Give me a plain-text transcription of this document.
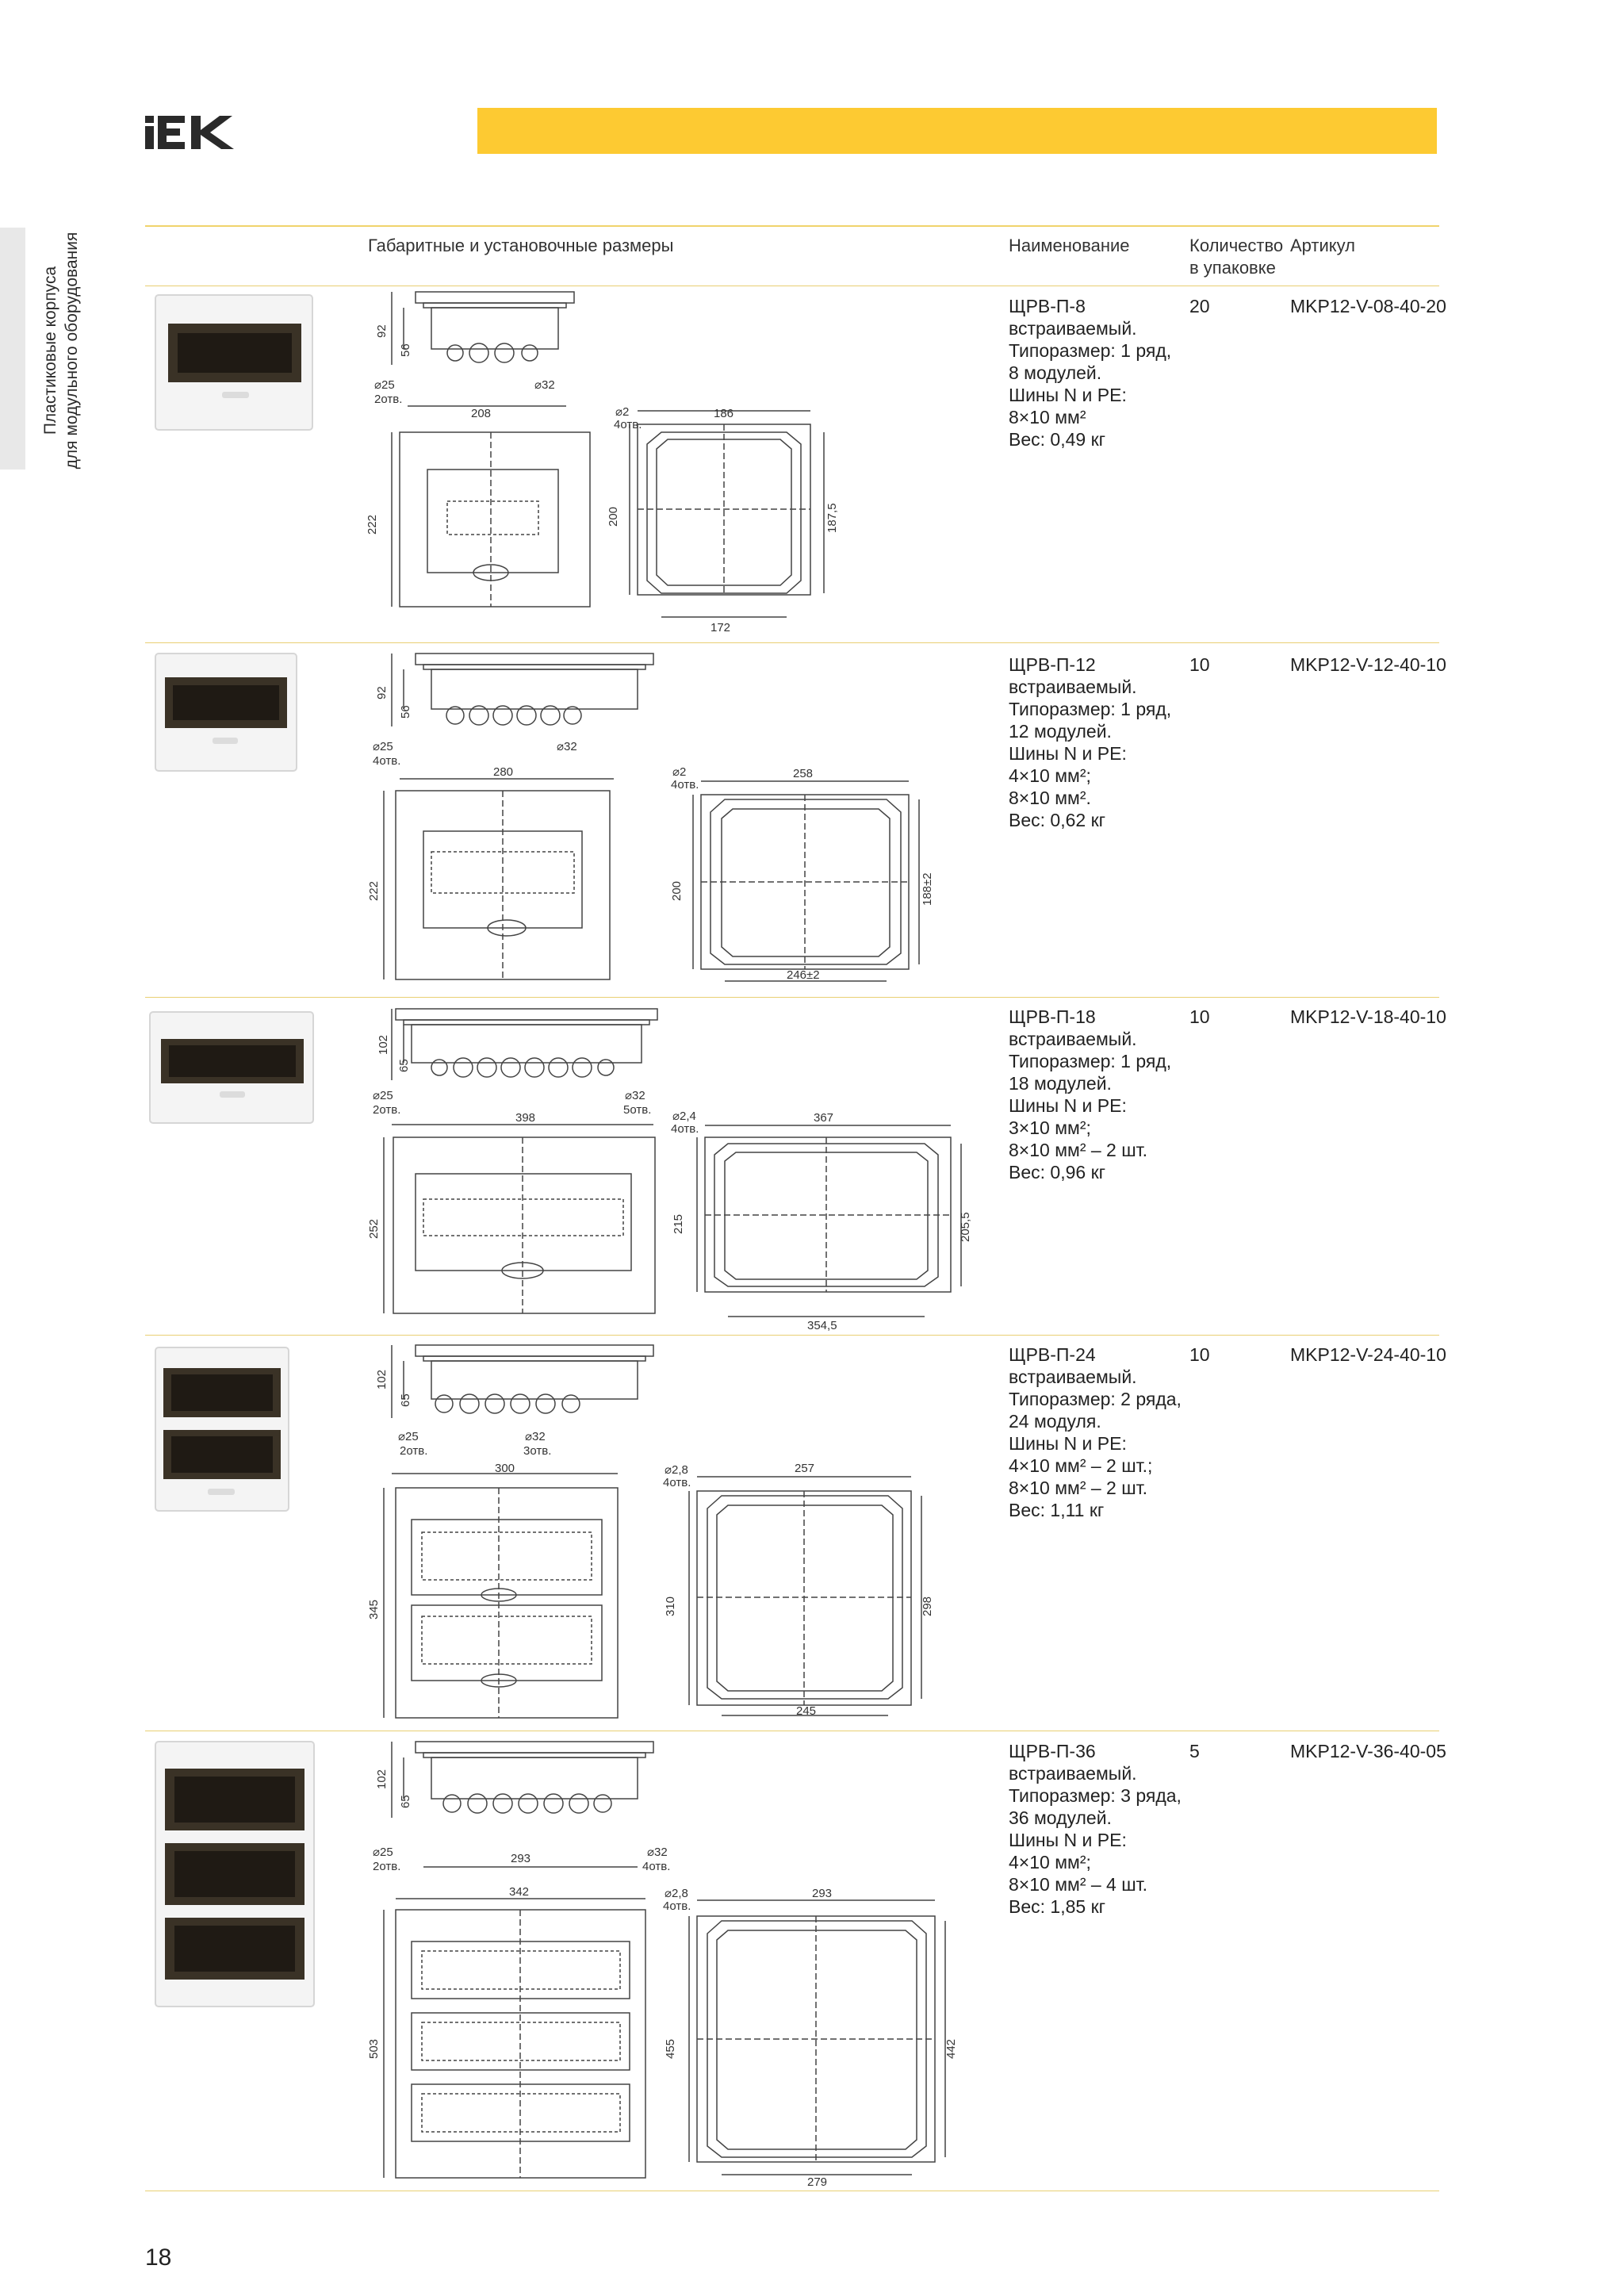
Пластиковые корпуса для модульного оборудования	Габаритные и установочные размеры	Наименование	Количество
в упаковке
Артикул
92
56
⌀25
2отв.
⌀32
208
222
⌀2
4отв.
186
200	187,5
172
ЩРВ-П-8
встраиваемый.
Типоразмер: 1 ряд,
8 модулей.
Шины N и PE:
8×10 мм²
Вес: 0,49 кг
20	MKP12-V-08-40-20
92
56
⌀25
4отв.
⌀32
280
222
⌀2
4отв.
258
200	188±2
246±2
ЩРВ-П-12
встраиваемый.
Типоразмер: 1 ряд,
12 модулей.
Шины N и PE:
4×10 мм²;
8×10 мм².
Вес: 0,62 кг
10	MKP12-V-12-40-10
102
65
⌀25
2отв.
⌀32
5отв.
398
252
⌀2,4
4отв.
367
215	205,5
354,5
ЩРВ-П-18
встраиваемый.
Типоразмер: 1 ряд,
18 модулей.
Шины N и PE:
3×10 мм²;
8×10 мм² – 2 шт.
Вес: 0,96 кг
10	MKP12-V-18-40-10
102
65
⌀25
2отв.
⌀32
3отв.
300
345
⌀2,8
4отв.
257
310	298
245
ЩРВ-П-24
встраиваемый.
Типоразмер: 2 ряда,
24 модуля.
Шины N и PE:
4×10 мм² – 2 шт.;
8×10 мм² – 2 шт.
Вес: 1,11 кг
10	MKP12-V-24-40-10
102
65
⌀25
2отв.
293	⌀32
4отв.
342
503
⌀2,8
4отв.
293
455	442
279
ЩРВ-П-36
встраиваемый.
Типоразмер: 3 ряда,
36 модулей.
Шины N и PE:
4×10 мм²;
8×10 мм² – 4 шт.
Вес: 1,85 кг
5	MKP12-V-36-40-05
18
